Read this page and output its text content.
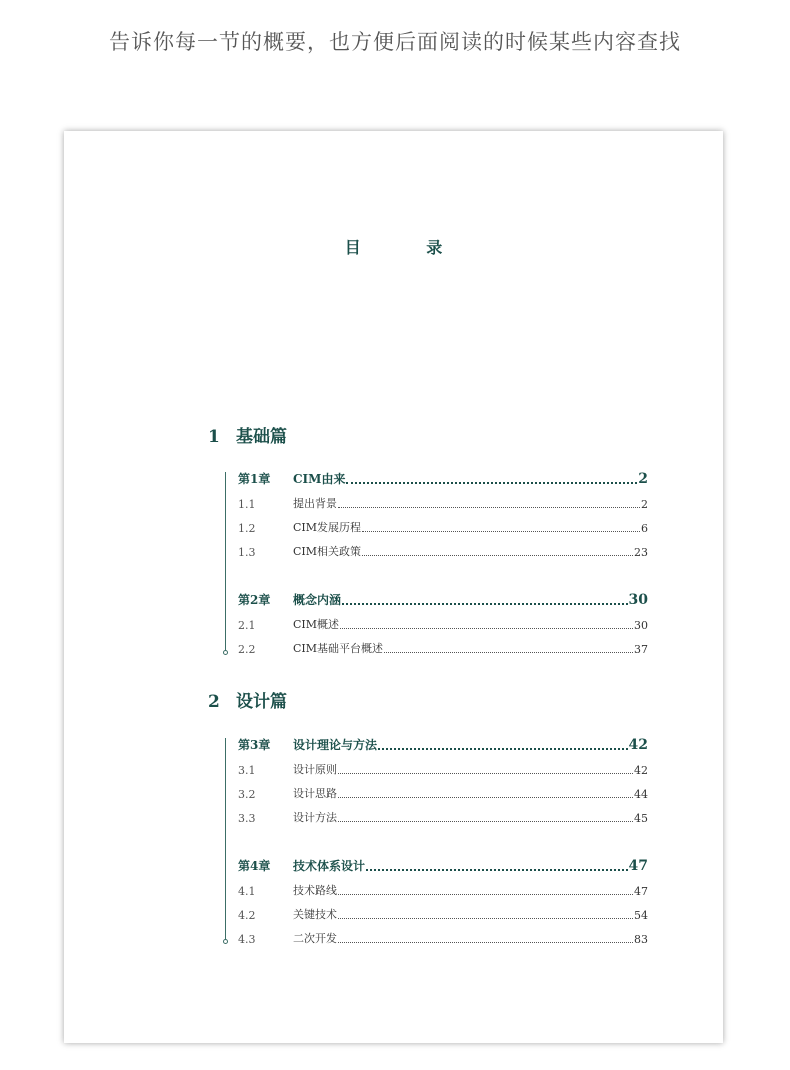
告诉你每一节的概要，也方便后面阅读的时候某些内容查找
目 录
1 基础篇
第1章	CIM由来	2
1.1	提出背景	2
1.2	CIM发展历程	6
1.3	CIM相关政策	23
第2章	概念内涵	30
2.1	CIM概述	30
2.2	CIM基础平台概述	37
2 设计篇
第3章	设计理论与方法	42
3.1	设计原则	42
3.2	设计思路	44
3.3	设计方法	45
第4章	技术体系设计	47
4.1	技术路线	47
4.2	关键技术	54
4.3	二次开发	83
